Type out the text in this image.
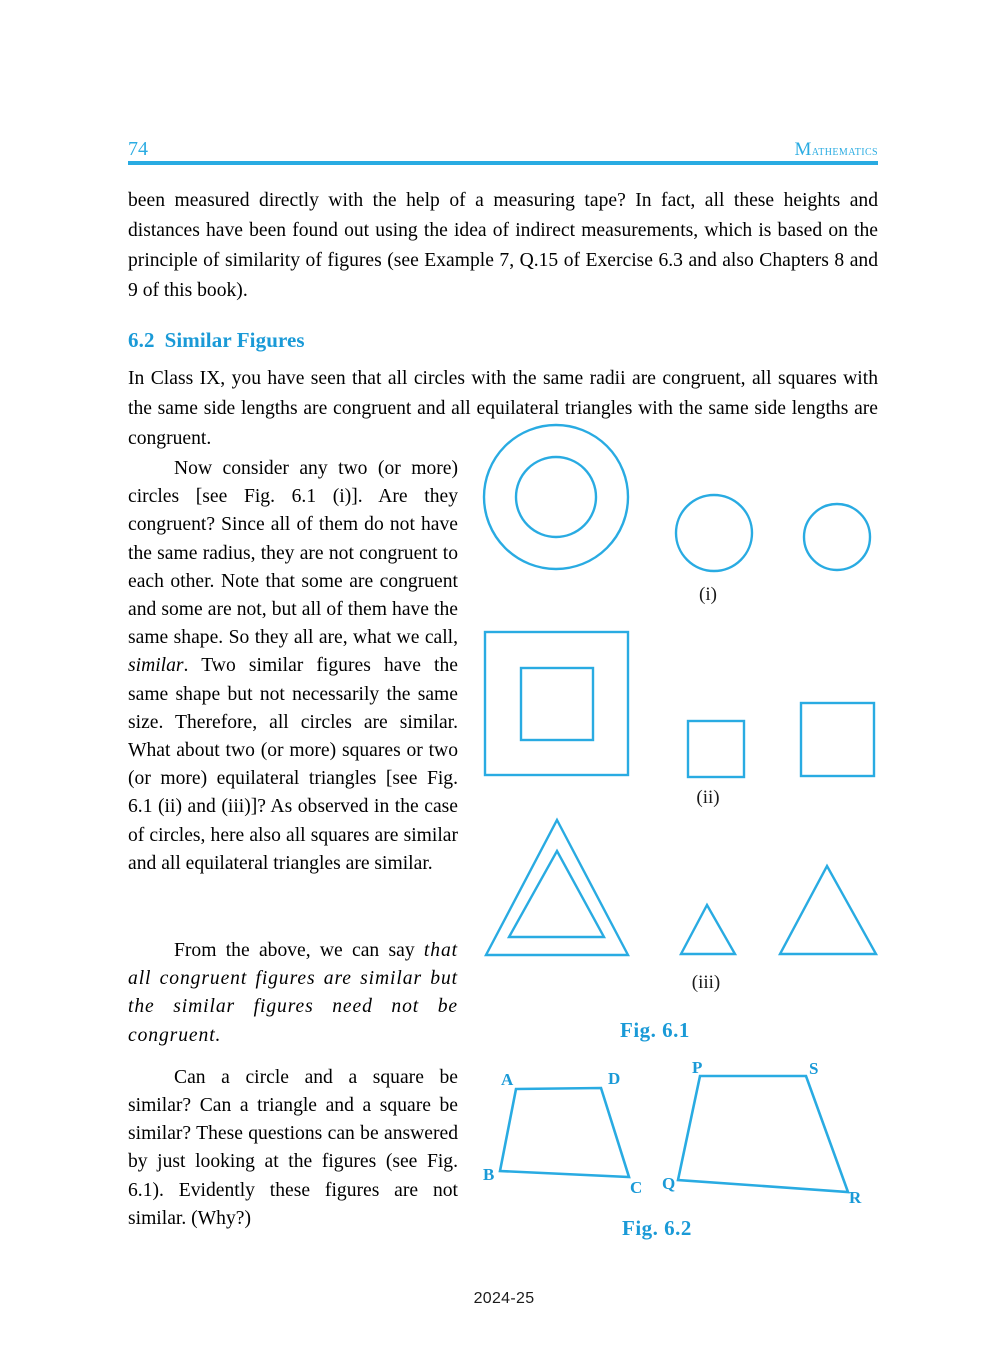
74	Mathematics
been measured directly with the help of a measuring tape? In fact, all these heights and distances have been found out using the idea of indirect measurements, which is based on the principle of similarity of figures (see Example 7, Q.15 of Exercise 6.3 and also Chapters 8 and 9 of this book).
6.2 Similar Figures
In Class IX, you have seen that all circles with the same radii are congruent, all squares with the same side lengths are congruent and all equilateral triangles with the same side lengths are congruent.

Now consider any two (or more) circles [see Fig. 6.1 (i)]. Are they congruent? Since all of them do not have the same radius, they are not congruent to each other. Note that some are congruent and some are not, but all of them have the same shape. So they all are, what we call, similar. Two similar figures have the same shape but not necessarily the same size. Therefore, all circles are similar. What about two (or more) squares or two (or more) equilateral triangles [see Fig. 6.1 (ii) and (iii)]? As observed in the case of circles, here also all squares are similar and all equilateral triangles are similar.

From the above, we can say that all congruent figures are similar but the similar figures need not be congruent.

Can a circle and a square be similar? Can a triangle and a square be similar? These questions can be answered by just looking at the figures (see Fig. 6.1). Evidently these figures are not similar. (Why?)

(i)
(ii)
(iii)
Fig. 6.1
Fig. 6.2
A	D
B
C
P	S
Q
R
2024-25
